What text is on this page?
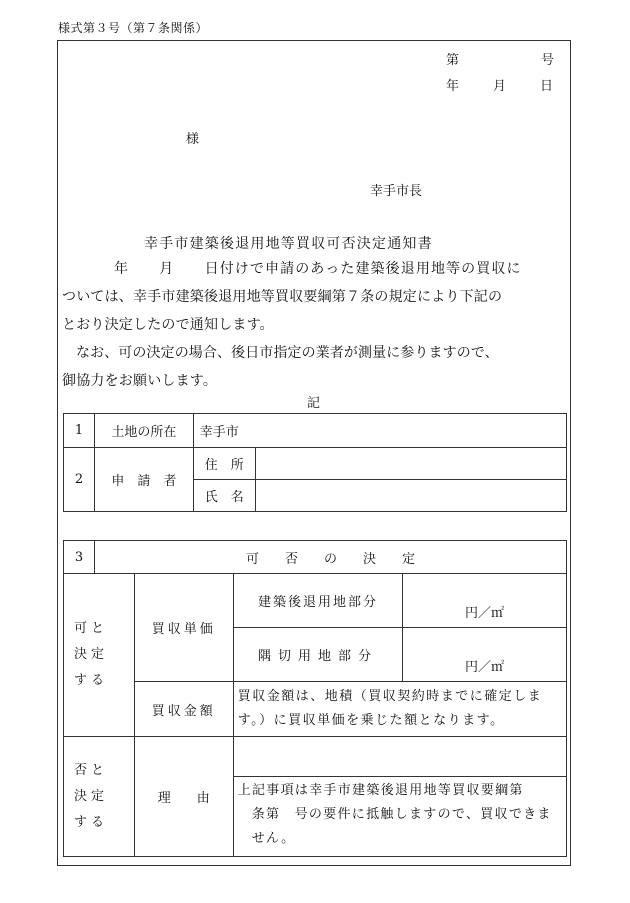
様式第３号（第７条関係）
第	号
年	月	日
様
幸手市長
幸手市建築後退用地等買収可否決定通知書
年　　月　　日付けで申請のあった建築後退用地等の買収に
ついては、幸手市建築後退用地等買収要綱第７条の規定により下記の
とおり決定したので通知します。
なお、可の決定の場合、後日市指定の業者が測量に参りますので、
御協力をお願いします。
記
1	土地の所在	幸手市	
2	申　請　者	住　所	
		氏　名	
3	可　　否　　の　　決　　定			
可と決定する		買収単価	建築後退用地部分	円／㎡
			隅切用地部分	円／㎡
		買収金額	買収金額は、地積（買収契約時までに確定します。）に買収単価を乗じた額となります。	
否と決定する		理　　由		

			上記事項は幸手市建築後退用地等買収要綱第
条第　号の要件に抵触しますので、買収できません。	
